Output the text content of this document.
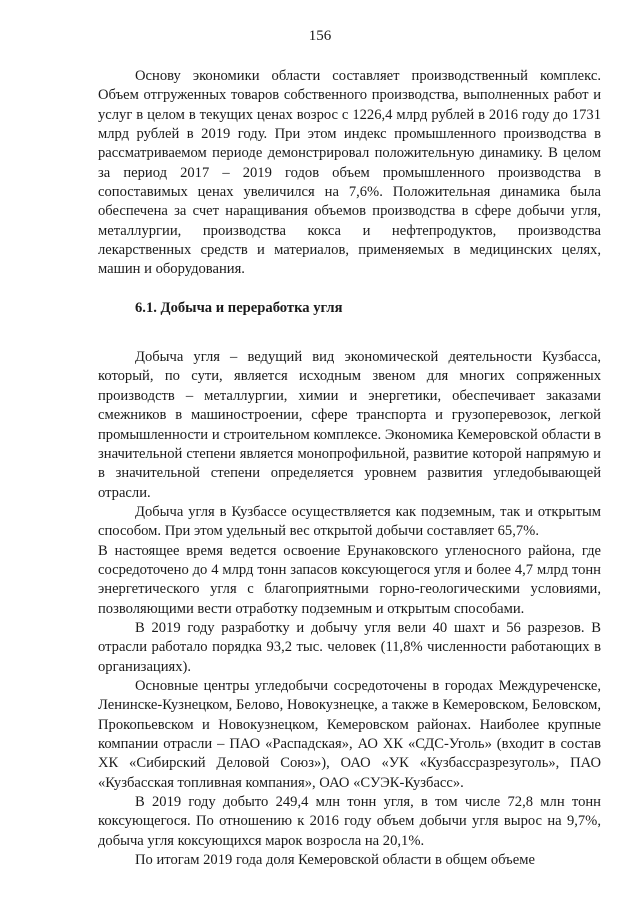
156

Основу экономики области составляет производственный комплекс. Объем отгруженных товаров собственного производства, выполненных работ и услуг в целом в текущих ценах возрос с 1226,4 млрд рублей в 2016 году до 1731 млрд рублей в 2019 году. При этом индекс промышленного производства в рассматриваемом периоде демонстрировал положительную динамику. В целом за период 2017 – 2019 годов объем промышленного производства в сопоставимых ценах увеличился на 7,6%. Положительная динамика была обеспечена за счет наращивания объемов производства в сфере добычи угля, металлургии, производства кокса и нефтепродуктов, производства лекарственных средств и материалов, применяемых в медицинских целях, машин и оборудования.

6.1. Добыча и переработка угля

Добыча угля – ведущий вид экономической деятельности Кузбасса, который, по сути, является исходным звеном для многих сопряженных производств – металлургии, химии и энергетики, обеспечивает заказами смежников в машиностроении, сфере транспорта и грузоперевозок, легкой промышленности и строительном комплексе. Экономика Кемеровской области в значительной степени является монопрофильной, развитие которой напрямую и в значительной степени определяется уровнем развития угледобывающей отрасли.

Добыча угля в Кузбассе осуществляется как подземным, так и открытым способом. При этом удельный вес открытой добычи составляет 65,7%.

В настоящее время ведется освоение Ерунаковского угленосного района, где сосредоточено до 4 млрд тонн запасов коксующегося угля и более 4,7 млрд тонн энергетического угля с благоприятными горно-геологическими условиями, позволяющими вести отработку подземным и открытым способами.

В 2019 году разработку и добычу угля вели 40 шахт и 56 разрезов. В отрасли работало порядка 93,2 тыс. человек (11,8% численности работающих в организациях).

Основные центры угледобычи сосредоточены в городах Междуреченске, Ленинске-Кузнецком, Белово, Новокузнецке, а также в Кемеровском, Беловском, Прокопьевском и Новокузнецком, Кемеровском районах. Наиболее крупные компании отрасли – ПАО «Распадская», АО ХК «СДС-Уголь» (входит в состав ХК «Сибирский Деловой Союз»), ОАО «УК «Кузбассразрезуголь», ПАО «Кузбасская топливная компания», ОАО «СУЭК-Кузбасс».

В 2019 году добыто 249,4 млн тонн угля, в том числе 72,8 млн тонн коксующегося. По отношению к 2016 году объем добычи угля вырос на 9,7%, добыча угля коксующихся марок возросла на 20,1%.

По итогам 2019 года доля Кемеровской области в общем объеме
